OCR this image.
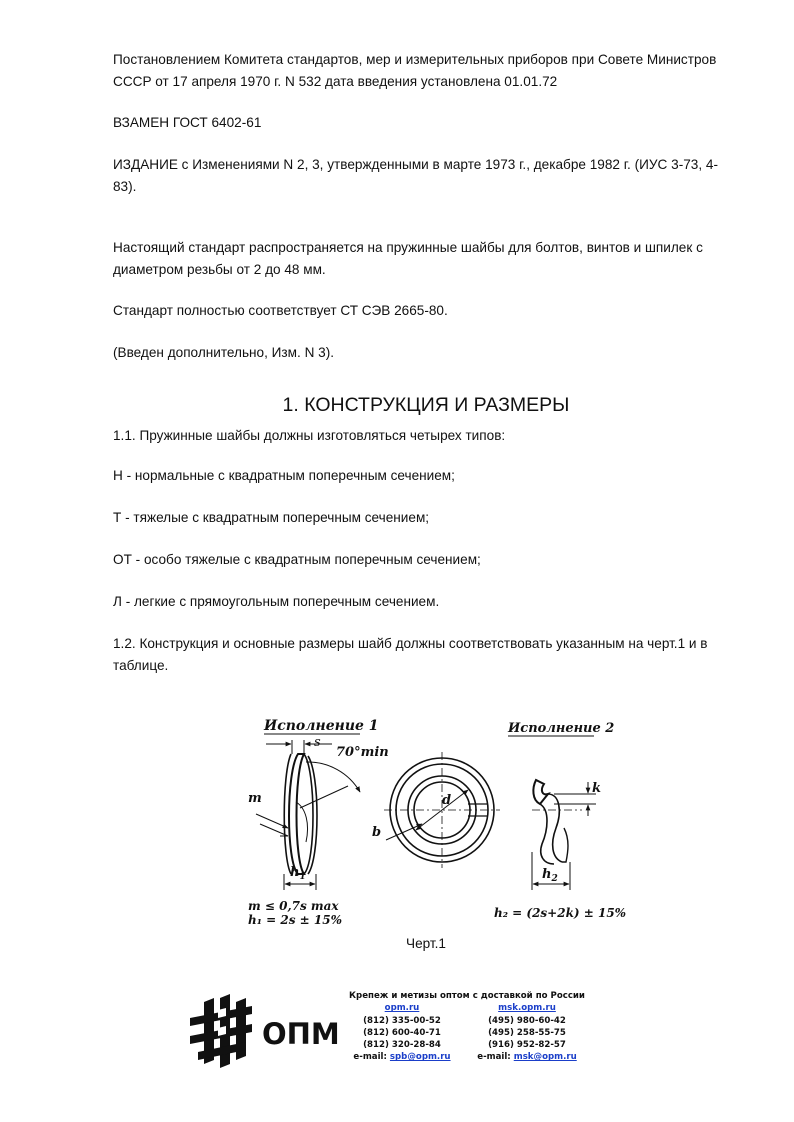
Постановлением Комитета стандартов, мер и измерительных приборов при Совете Министров СССР от 17 апреля 1970 г. N 532 дата введения установлена 01.01.72

ВЗАМЕН ГОСТ 6402-61

ИЗДАНИЕ с Изменениями N 2, 3, утвержденными в марте 1973 г., декабре 1982 г. (ИУС 3-73, 4-83).

Настоящий стандарт распространяется на пружинные шайбы для болтов, винтов и шпилек с диаметром резьбы от 2 до 48 мм.

Стандарт полностью соответствует СТ СЭВ 2665-80.

(Введен дополнительно, Изм. N 3).

1. КОНСТРУКЦИЯ И РАЗМЕРЫ

1.1. Пружинные шайбы должны изготовляться четырех типов:

Н - нормальные с квадратным поперечным сечением;

Т - тяжелые с квадратным поперечным сечением;

ОТ - особо тяжелые с квадратным поперечным сечением;

Л - легкие с прямоугольным поперечным сечением.

1.2. Конструкция и основные размеры шайб должны соответствовать указанным на черт.1 и в таблице.

Исполнение 1
s
70°min
m
$h_1$
m ≤ 0,7s max
h₁ = 2s ± 15%
d
b
Исполнение 2
k
$h_2$
h₂ = (2s+2k) ± 15%
Черт.1
ОПМ
Крепеж и метизы оптом с доставкой по России
opm.ru	msk.opm.ru
(812) 335-00-52	(495) 980-60-42
(812) 600-40-71	(495) 258-55-75
(812) 320-28-84	(916) 952-82-57
e-mail: spb@opm.ru	e-mail: msk@opm.ru
